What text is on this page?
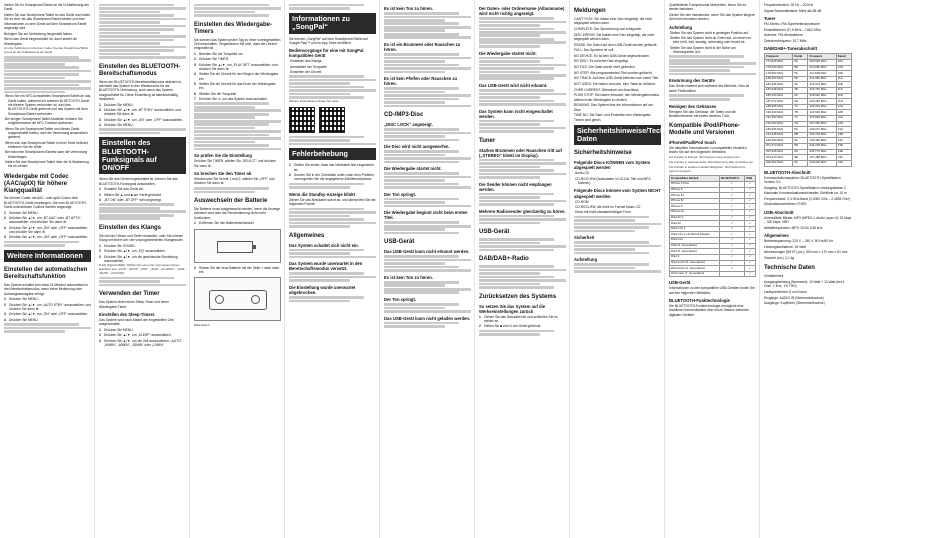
Halten Sie Ihr Smartphone/Tablet an die N-Markierung am Gerät.

Halten Sie das Smartphone/Tablet an das Gerät und halten Sie es dort, bis das Smartphone/Tablet vibriert und eine Informationen zu dem Gerät auf dem Smartphone/Tablet angezeigt wird.

Befolgen Sie zur Verbindung hergestellt haben.

Wenn das Gerät eingeschaltet ist, dann startet die Wiedergabe.

Um die Verbindung zu trennen, halten Sie das Smartphone/Tablet erneut an die N-Markierung am Gerät.

Wenn Sie ein NFC-kompatibles Smartphone/Tablet an das Gerät halten, während ein anderes BLUETOOTH-Gerät mit diesem System verbunden ist, wird das BLUETOOTH-Gerät getrennt und das System mit dem Smartphone/Tablet verbunden.

Bei einigen Smartphone/Tablet-Modellen müssen Sie möglicherweise die NFC-Funktion aktivieren.

Wenn Sie ein Smartphone/Tablet und dieses Gerät ausgeschaltet haben, wird die Verbindung automatisch getrennt.

Wenn sich das Smartphone/Tablet in einer Hülle befindet, entfernen Sie die Hülle.

Bei manchen Smartphones/Tablets kann die Verbindung fehlschlagen.

Halten Sie das Smartphone/Tablet über die N-Markierung, bis es vibriert.

Wiedergabe mit Codec (AAC/aptX) für höhere Klangqualität

Sie können Codec mit AAC- oder aptX-Codec über BLUETOOTH-Gerät empfangen. Die vom BLUETOOTH-Gerät unterstützten Codecs werden angezeigt.

1 Drücken Sie MENU.
2 Drücken Sie ▲/▼, um „BT AAC“ oder „BT APTX“ auszuwählen, und drücken Sie dann ⊕.
3 Drücken Sie ▲/▼, um „ON“ oder „OFF“ auszuwählen, und drücken Sie dann ⊕.
4 Drücken Sie ▲/▼, um „ON“ oder „OFF“ auszuwählen.
Weitere Informationen
Einstellen der automatischen Bereitschaftsfunktion

Das System schaltet sich etwa 15 Minuten automatisch in den Bereitschaftsmodus, wenn keine Bedienung oder Audiosignalausgabe erfolgt.

1 Drücken Sie MENU.
2 Drücken Sie ▲/▼, um „AUTO STBY“ auszuwählen, und drücken Sie dann ⊕.
3 Drücken Sie ▲/▼, um „ON“ oder „OFF“ auszuwählen.
4 Drücken Sie MENU.
Einstellen des BLUETOOTH-Bereitschaftsmodus

Wenn der BLUETOOTH-Bereitschaftsmodus aktiviert ist, wechselt das System in den Wartemodus für die BLUETOOTH-Verbindung, auch wenn das System ausgeschaltet ist. Diese Einstellung ist standardmäßig deaktiviert.

1 Drücken Sie MENU.
2 Drücken Sie ▲/▼, um „BT STBY“ auszuwählen, und drücken Sie dann ⊕.
3 Drücken Sie ▲/▼, um „ON“ oder „OFF“ auszuwählen.
4 Drücken Sie MENU.
Einstellen des BLUETOOTH-Funksignals auf ON/OFF

Wenn Sie das Gerät eingeschaltet ist, können Sie das BLUETOOTH-Funksignal ausschalten.

1 Schalten Sie das Gerät ein.
2 Halten Sie ▲ und ■ am Gerät gedrückt.
3 „BT ON“ oder „BT OFF“ wird angezeigt.
Einstellen des Klangs

Sie können Höhen und Tiefen einstellen, oder Sie können Klang mit einem der vier vorprogrammierten Klangmuster.

1 Drücken Sie SOUND.
2 Drücken Sie ▲/▼, um „EQ“ auszuwählen.
3 Drücken Sie ▲/▼, um die gewünschte Einstellung auszuwählen.

P-EQ (EQUALIZER): Wählen Sie einen der vorprogrammierten Equalizer aus: „FLAT“, „ROCK“, „POP“, „JAZZ“, „CLASSIC“, „JAZZ“, „BASS“, „CUSTOM“.

Verwenden der Timer

Das System bietet einen Sleep-Timer und einen Wiedergabe-Timer.

Einstellen des Sleep-Timers

Das System wird nach Ablauf der eingestellten Zeit ausgeschaltet.

1 Drücken Sie MENU.
2 Drücken Sie ▲/▼, um „SLEEP“ auszuwählen.
3 Drücken Sie ▲/▼, um die Zeit auszuwählen: „AUTO“, „90MIN“, „60MIN“, „30MIN“ oder „10MIN“.
Einstellen des Wiedergabe-Timers

Sie können das System jeden Tag zu einer voreingestellten Zeit einschalten. Vergewissern Sie sich, dass die Uhrzeit eingestellt ist.

1 Bereiten Sie die Tonquelle vor.
2 Drücken Sie TIMER.
3 Drücken Sie ▲/▼, um „PLAY SET“ auszuwählen, und drücken Sie dann ⊕.
4 Stellen Sie die Uhrzeit für den Beginn der Wiedergabe ein.
5 Stellen Sie die Uhrzeit für das Ende der Wiedergabe ein.
6 Wählen Sie die Tonquelle.
7 Drücken Sie ⏻, um das System auszuschalten.
So prüfen Sie die Einstellung

Drücken Sie TIMER, wählen Sie „SELECT“ und drücken Sie dann ⊕.

So brechen Sie den Timer ab

Wiederholen Sie Schritt 1 und 2, wählen Sie „OFF“ und drücken Sie dann ⊕.

Auswechseln der Batterie

Die Batterie muss ausgetauscht werden, wenn die Anzeige schwach wird oder die Fernbedienung nicht mehr funktioniert.

1 Entfernen Sie den Batteriefachdeckel.
2 Setzen Sie die neue Batterie mit der Seite + nach oben ein.

Batteriefach

Informationen zu „SongPal“

Sie können „SongPal“ auf dem Smartphone/Tablet auf Google Play™ und im App Store erhältlich.

Bedienvorgänge für eine mit SongPal kompatibles Gerät

Einstellen des Klangs

Auswählen der Tonquelle

Einstellen der Uhrzeit

Weitere Informationen finden Sie unter:

Fehlerbehebung
1 Stellen Sie sicher, dass das Netzkabel fest eingesteckt ist.
2 Suchen Sie in der Checkliste unten nach dem Problem und ergreifen Sie die angegebene Abhilfemaßnahme.
Wenn die Standby-Anzeige blinkt

Ziehen Sie das Netzkabel sofort ab, und überprüfen Sie die folgenden Punkte.

Allgemeines
Das System schaltet sich nicht ein.
Das System wurde unerwartet in den Bereitschaftsmodus versetzt.
Die Einstellung wurde unerwartet abgebrochen.
Es ist kein Ton zu hören.
Es ist ein Brummen oder Rauschen zu hören.
Es ist kein Pfeifen oder Rauschen zu hören.
CD-/MP3-Disc
„DISC LOCK“ angezeigt.
Die Disc wird nicht ausgeworfen.
Die Wiedergabe startet nicht.
Der Ton springt.
Die Wiedergabe beginnt nicht beim ersten Titel.
USB-Gerät
Das USB-Gerät kann nicht erkannt werden.
Es ist kein Ton zu hören.
Der Ton springt.
Das USB-Gerät kann nicht geladen werden.
Der Daten- oder Ordnername (Albumname) wird nicht richtig angezeigt.
Die Wiedergabe startet nicht.
Das USB-Gerät wird nicht erkannt.
Das System kann nicht eingeschaltet werden.
Tuner
Starkes Brummen oder Rauschen tritt auf („STEREO“ blinkt im Display).
Die Sender können nicht empfangen werden.
Mehrere Radiosender gleichzeitig zu hören.
USB-Gerät
DAB/DAB+-Radio
Zurücksetzen des Systems
So setzen Sie das System auf die Werkseinstellungen zurück
1 Ziehen Sie das Netzkabel ab und schließen Sie es wieder an.
2 Halten Sie ■ und ⏻ am Gerät gedrückt.
Meldungen

CAN'T PLAY: Sie haben eine Disc eingelegt, die nicht abgespielt werden kann.

COMPLETE: Der Speicherung war erfolgreich.

DISC ERROR: Sie haben eine Disc eingelegt, die nicht abgespielt werden kann.

ERASE: Die Daten auf dem USB-Gerät werden gelöscht.

FULL: Der Speicher ist voll.

NO DEVICE: Es ist kein USB-Gerät angeschlossen.

NO DISC: Es ist keine Disc eingelegt.

NO FILE: Die Datei wurde nicht gefunden.

NO STEP: Alle programmierten Titel wurden gelöscht.

NO TRACK: Auf dem USB-Gerät befinden sich keine Titel.

NOT USED: Sie haben versucht, eine Taste zu drücken.

OVER CURRENT: Überstrom am Anschluss.

PUSH STOP: Sie haben versucht, den Wiedergabemodus während der Wiedergabe zu ändern.

READING: Das System liest die Informationen auf der Disc.

TIME NG: Die Start- und Endzeiten des Wiedergabe-Timers sind gleich.

Sicherheitshinweise/Technische Daten
Sicherheitshinweise
Folgende Discs KÖNNEN vom System abgespielt werden

Audio-CD

CD-R/CD-RW (Audiodaten in CD-DA-Titel und MP3-Dateien)

Folgende Discs können vom System NICHT abgespielt werden

CD-ROM

CD-R/CD-RW, die nicht im Format Music CD

Discs mit nicht-standardmäßiger Form

Sicherheit
Aufstellung

Qualifizierten Fachpersonal überprüfen, bevor Sie es wieder benutzen.

Ziehen Sie den Netzstecker, wenn Sie das System längere Zeit nicht benutzen werden.

Aufstellung

Stellen Sie das System nicht in geneigter Position auf.

Stellen Sie das System nicht an Orten auf, an denen es sehr heiß, kalt, staubig, schmutzig oder feucht ist.

Stellen Sie das System nicht in der Nähe von Wärmequellen auf.

Erwärmung des Geräts

Das Gerät erwärmt sich während des Betriebs. Dies ist keine Fehlfunktion.

Reinigen des Gehäuses

Reinigen Sie das Gehäuse, die Tafeln und die Bedienelemente mit einem weichen Tuch.

Kompatible iPod/iPhone-Modelle und Versionen
iPhone/iPad/iPod touch

Die aktuellen Informationen zu kompatiblen Modellen finden Sie auf den folgenden Websites:

Für Kunden in Europa: http://support.sony-europe.com/

Für Kunden in Lateinamerika: http://www.sony-latin.com/index.crp

Für Kunden in anderen Ländern/Regionen: http://www.sony-asia.com/support

Kompatibles Modell	BLUETOOTH	USB
iPhone 6 Plus	✓	✓
iPhone 6	✓	✓
iPhone 5s	✓	✓
iPhone 5c	✓	✓
iPhone 5	✓	✓
iPhone 4s	✓	✓
iPad Air 2	✓	✓
iPad Air	✓	✓
iPad mini 3	✓	✓
iPad mini 2 mit Retina Display	✓	✓
iPad mini	✓	✓
iPad (4. Generation)	✓	✓
iPad (3. Generation)	✓	✓
iPad 2	✓	✓
iPod touch (5. Generation)	✓	✓
iPod touch (4. Generation)	✓	✓
iPod nano (7. Generation)		✓
USB-Gerät

Informationen zu den kompatiblen USB-Geräten finden Sie auf den folgenden Websites:

BLUETOOTH-Funktechnologie

Die BLUETOOTH-Funktechnologie ermöglicht eine drahtlose Kommunikation über kurze Distanz zwischen digitalen Geräten.

Frequenzbereich: 20 Hz – 20 kHz

Signal-Rauschabstand: Mehr als 85 dB

Tuner

FM-Stereo, FM-Superheterodynetuner

Einstellbereich: 87,5 MHz – 108,0 MHz

Antenne: FM-Wurfantenne

Zwischenfrequenz: 10,7 MHz

DAB/DAB+-Tunerabschnitt
Frequenz	Kanal	Frequenz	Kanal
174,928 MHz	5A	209,936 MHz	10C
176,640 MHz	5B	210,096 MHz	10N
178,352 MHz	5C	211,648 MHz	10D
180,064 MHz	5D	213,360 MHz	11A
181,936 MHz	6A	215,072 MHz	11B
183,648 MHz	6B	216,784 MHz	11C
185,360 MHz	6C	218,640 MHz	11D
187,072 MHz	6D	220,352 MHz	11N
188,928 MHz	7A	222,064 MHz	12A
190,640 MHz	7B	223,936 MHz	12B
192,352 MHz	7C	225,648 MHz	12C
194,064 MHz	7D	227,360 MHz	12D
195,936 MHz	8A	229,072 MHz	13A
197,648 MHz	8B	230,784 MHz	13B
199,360 MHz	8C	232,496 MHz	13C
201,072 MHz	8D	234,208 MHz	13D
202,928 MHz	9A	235,776 MHz	13E
204,640 MHz	9B	237,488 MHz	13F
206,352 MHz	9C	239,200 MHz	13G
BLUETOOTH-Abschnitt

Kommunikationssystem: BLUETOOTH-Spezifikation Version 3.0

Ausgang: BLUETOOTH-Spezifikation Leistungsklasse 2

Maximale Kommunikationsreichweite: Sichtlinie ca. 10 m

Frequenzband: 2,4 GHz-Band (2,4000 GHz – 2,4835 GHz)

Modulationsverfahren: FHSS

USB-Abschnitt

Unterstützte Bitrate: MP3 (MPEG-1 Audio Layer-3): 32 kbps – 320 kbps, VBR

Abtastfrequenzen: MP3: 32/44,1/48 kHz

Allgemeines

Betriebsspannung: 220 V – 240 V, 50 Hz/60 Hz

Leistungsaufnahme: 24 Watt

Abmessungen (B/H/T) (ca.): 500 mm × 170 mm × 81 mm

Gewicht (ca.): 2,1 kg

Technische Daten

Verstärkerteil

Ausgangsleistung (Nennwert): 10 Watt + 10 Watt (bei 4 Ohm, 1 kHz, 1% THD)

Lautsprecherteil: 8 cm Konus

Eingänge: AUDIO IN (Stereominibuchse)

Ausgänge: Kopfhörer (Stereominibuchse)
